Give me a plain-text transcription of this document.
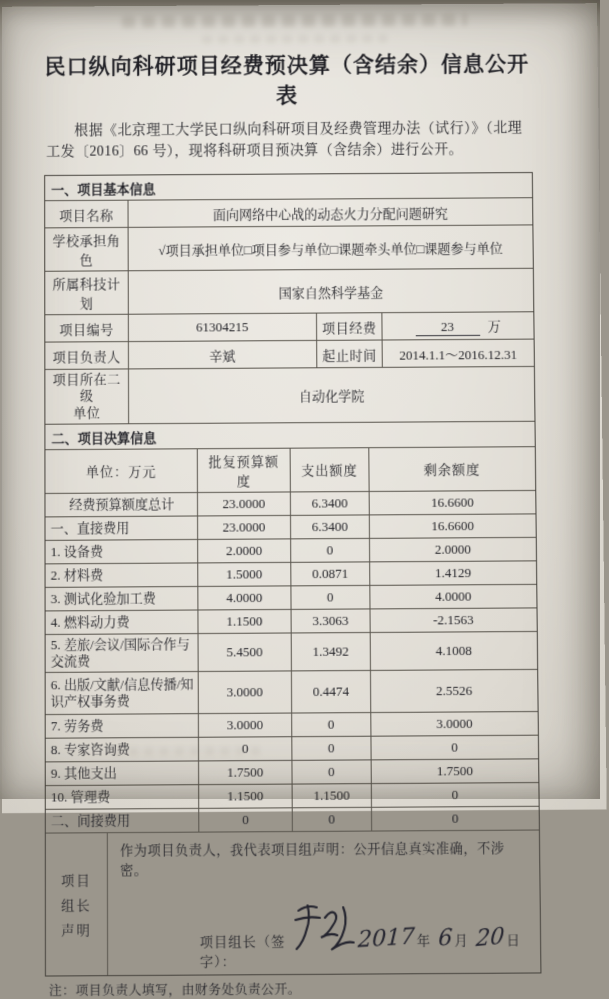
民口纵向科研项目经费预决算（含结余）信息公开表

根据《北京理工大学民口纵向科研项目及经费管理办法（试行）》（北理工发〔2016〕66 号），现将科研项目预决算（含结余）进行公开。

一、项目基本信息
项目名称	面向网络中心战的动态火力分配问题研究		
学校承担角色	√项目承担单位□项目参与单位□课题牵头单位□课题参与单位		
所属科技计划	国家自然科学基金		
项目编号	61304215	项目经费	23 万
项目负责人	辛斌	起止时间	2014.1.1～2016.12.31

项目所在二级
单位	自动化学院		
二、项目决算信息
单位：万元	批复预算额度	支出额度	剩余额度
经费预算额度总计	23.0000	6.3400	16.6600
一、直接费用	23.0000	6.3400	16.6600
1. 设备费	2.0000	0	2.0000
2. 材料费	1.5000	0.0871	1.4129
3. 测试化验加工费	4.0000	0	4.0000
4. 燃料动力费	1.1500	3.3063	-2.1563
5. 差旅/会议/国际合作与交流费	5.4500	1.3492	4.1008
6. 出版/文献/信息传播/知识产权事务费	3.0000	0.4474	2.5526
7. 劳务费	3.0000	0	3.0000
8. 专家咨询费	0	0	0
9. 其他支出	1.7500	0	1.7500
10. 管理费	1.1500	1.1500	0
二、间接费用	0	0	0
项目
组长
声明
作为项目负责人，我代表项目组声明：公开信息真实准确，不涉密。
项目组长（签字）：
2017年 6月 20日

注：项目负责人填写，由财务处负责公开。
